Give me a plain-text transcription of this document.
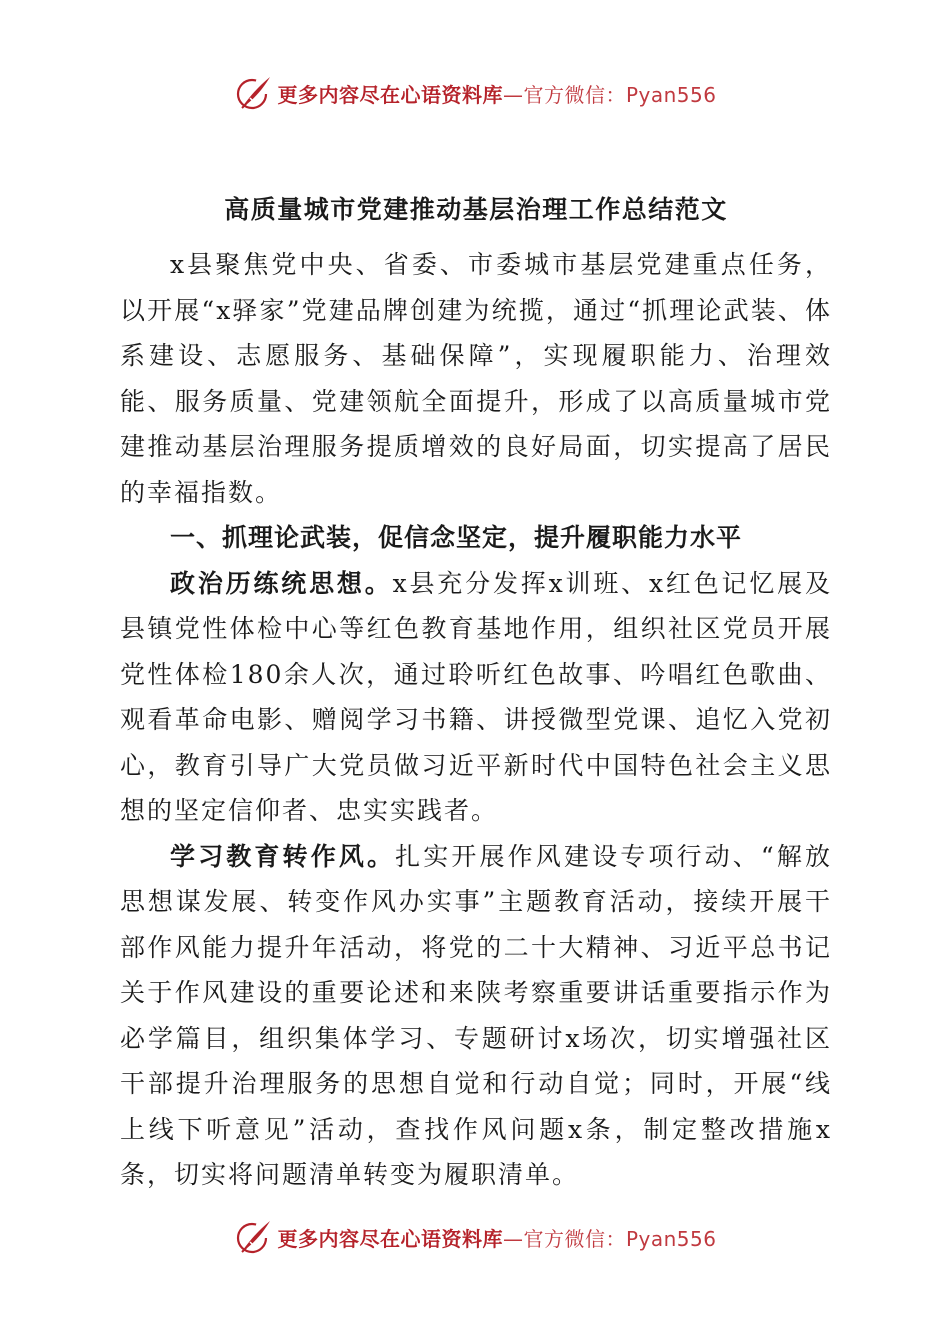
更多内容尽在心语资料库 —官方微信：Pyan556
高质量城市党建推动基层治理工作总结范文

x县聚焦党中央、省委、市委城市基层党建重点任务，以开展“x驿家”党建品牌创建为统揽，通过“抓理论武装、体系建设、志愿服务、基础保障”，实现履职能力、治理效能、服务质量、党建领航全面提升，形成了以高质量城市党建推动基层治理服务提质增效的良好局面，切实提高了居民的幸福指数。

一、抓理论武装，促信念坚定，提升履职能力水平

政治历练统思想。x县充分发挥x训班、x红色记忆展及县镇党性体检中心等红色教育基地作用，组织社区党员开展党性体检180余人次，通过聆听红色故事、吟唱红色歌曲、观看革命电影、赠阅学习书籍、讲授微型党课、追忆入党初心，教育引导广大党员做习近平新时代中国特色社会主义思想的坚定信仰者、忠实实践者。

学习教育转作风。扎实开展作风建设专项行动、“解放思想谋发展、转变作风办实事”主题教育活动，接续开展干部作风能力提升年活动，将党的二十大精神、习近平总书记关于作风建设的重要论述和来陕考察重要讲话重要指示作为必学篇目，组织集体学习、专题研讨x场次，切实增强社区干部提升治理服务的思想自觉和行动自觉；同时，开展“线上线下听意见”活动，查找作风问题x条，制定整改措施x条，切实将问题清单转变为履职清单。

更多内容尽在心语资料库 —官方微信：Pyan556
